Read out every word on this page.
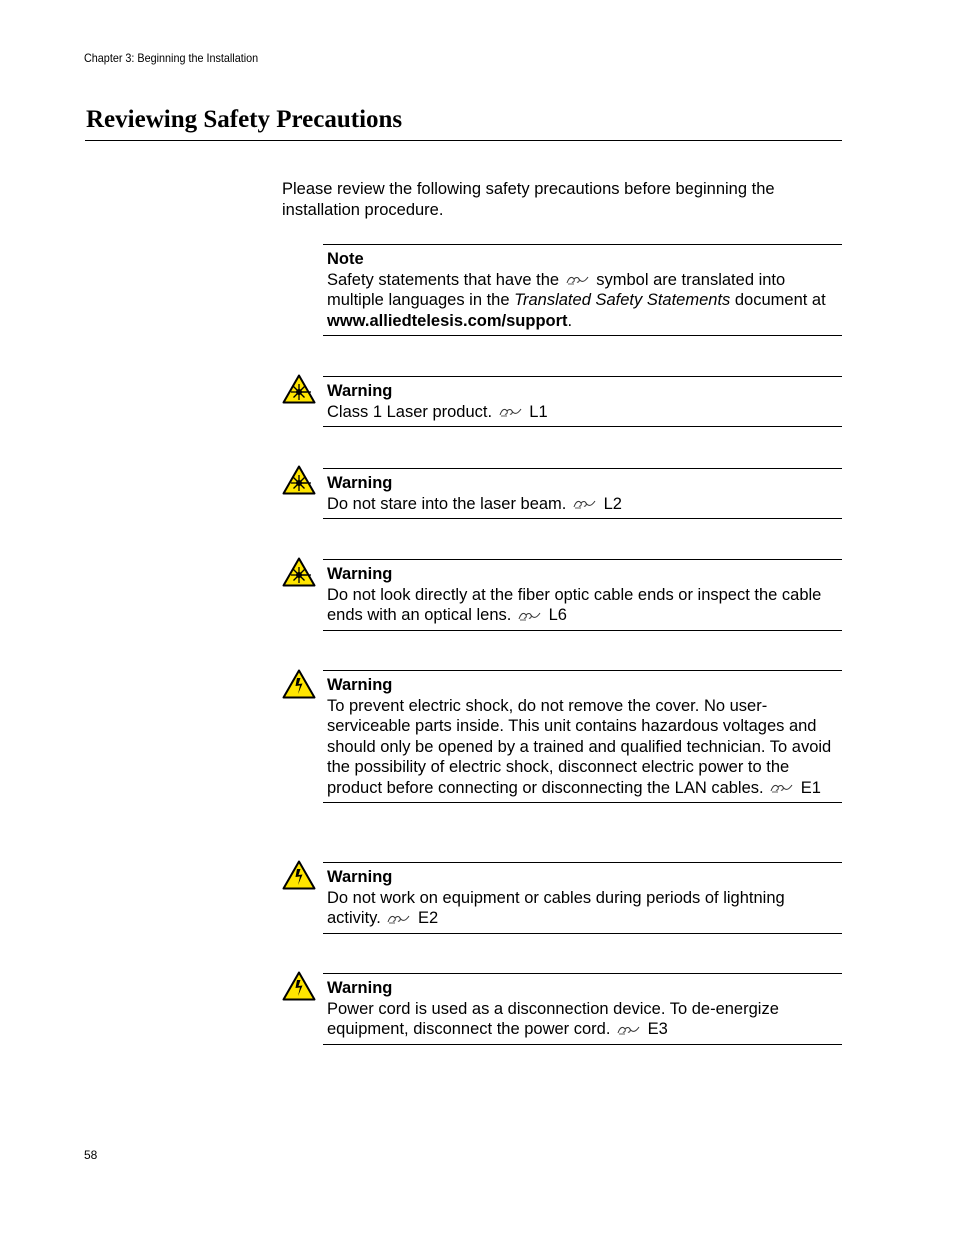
Chapter 3: Beginning the Installation
Reviewing Safety Precautions

Please review the following safety precautions before beginning the installation procedure.

Note
Safety statements that have the symbol are translated into multiple languages in the Translated Safety Statements document at www.alliedtelesis.com/support.
Warning
Class 1 Laser product. L1
Warning
Do not stare into the laser beam. L2
Warning
Do not look directly at the fiber optic cable ends or inspect the cable ends with an optical lens. L6
Warning
To prevent electric shock, do not remove the cover. No user-serviceable parts inside. This unit contains hazardous voltages and should only be opened by a trained and qualified technician. To avoid the possibility of electric shock, disconnect electric power to the product before connecting or disconnecting the LAN cables. E1
Warning
Do not work on equipment or cables during periods of lightning activity. E2
Warning
Power cord is used as a disconnection device. To de-energize equipment, disconnect the power cord. E3
58
